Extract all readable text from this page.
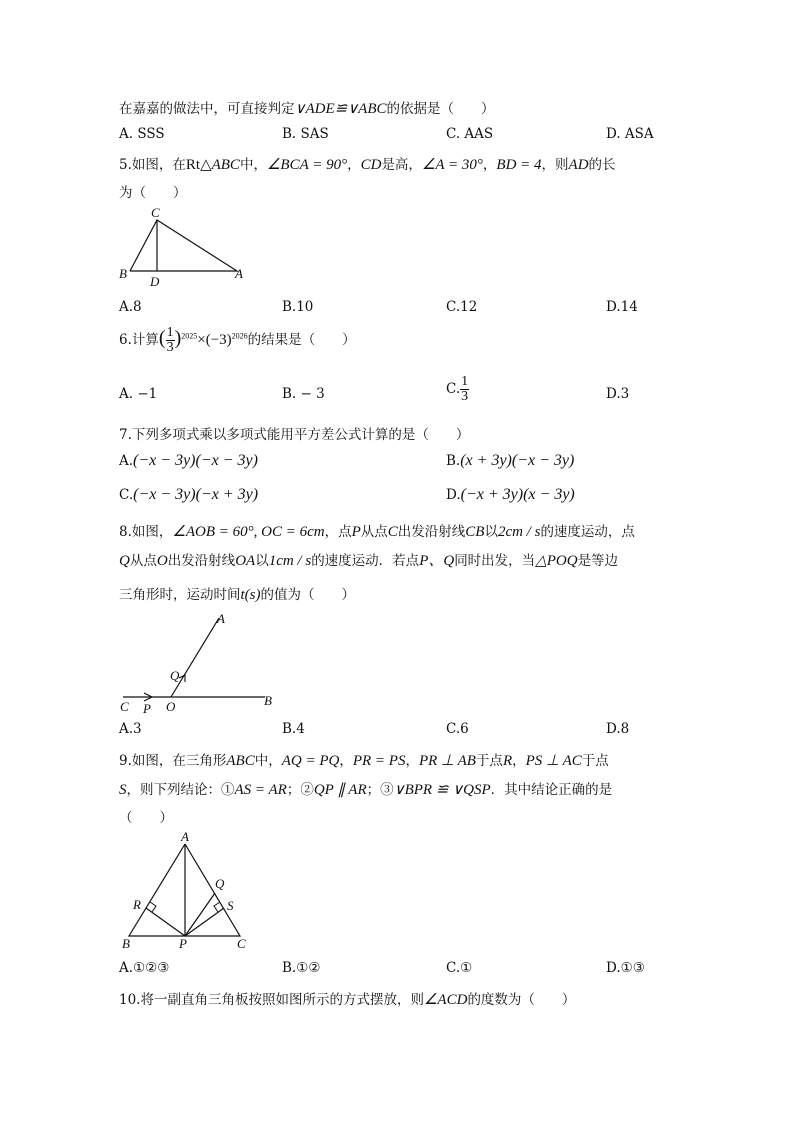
在嘉嘉的做法中，可直接判定∨ADE≌∨ABC的依据是（　　）
A. SSS	B. SAS	C. AAS	D. ASA
5.如图，在Rt△ABC中，∠BCA = 90°，CD是高，∠A = 30°，BD = 4，则AD的长
为（　　）
C
B
D
A
A.8	B.10	C.12	D.14
6.计算( $\frac{1}{3} )^{2025}\times(-3)^{2026}$的结果是（　　）
A. −1	B. − 3	C. $\frac{1}{3}$	D.3
7.下列多项式乘以多项式能用平方差公式计算的是（　　）
A.(−x − 3y)(−x − 3y)	B.(x + 3y)(−x − 3y)
C.(−x − 3y)(−x + 3y)	D.(−x + 3y)(x − 3y)
8.如图，∠AOB = 60°, OC = 6cm，点P从点C出发沿射线CB以2cm / s的速度运动，点
Q从点O出发沿射线OA以1cm / s的速度运动．若点P、Q同时出发，当△POQ是等边
三角形时，运动时间t(s)的值为（　　）
A
Q
C P O	B
A.3	B.4	C.6	D.8
9.如图，在三角形ABC中，AQ = PQ，PR = PS，PR ⊥ AB于点R，PS ⊥ AC于点
S，则下列结论：①AS = AR；②QP ∥ AR；③∨BPR ≌ ∨QSP．其中结论正确的是
（　　）
A
Q
R	S
B	P	C
A.①②③	B.①②	C.①	D.①③
10.将一副直角三角板按照如图所示的方式摆放，则∠ACD的度数为（　　）
